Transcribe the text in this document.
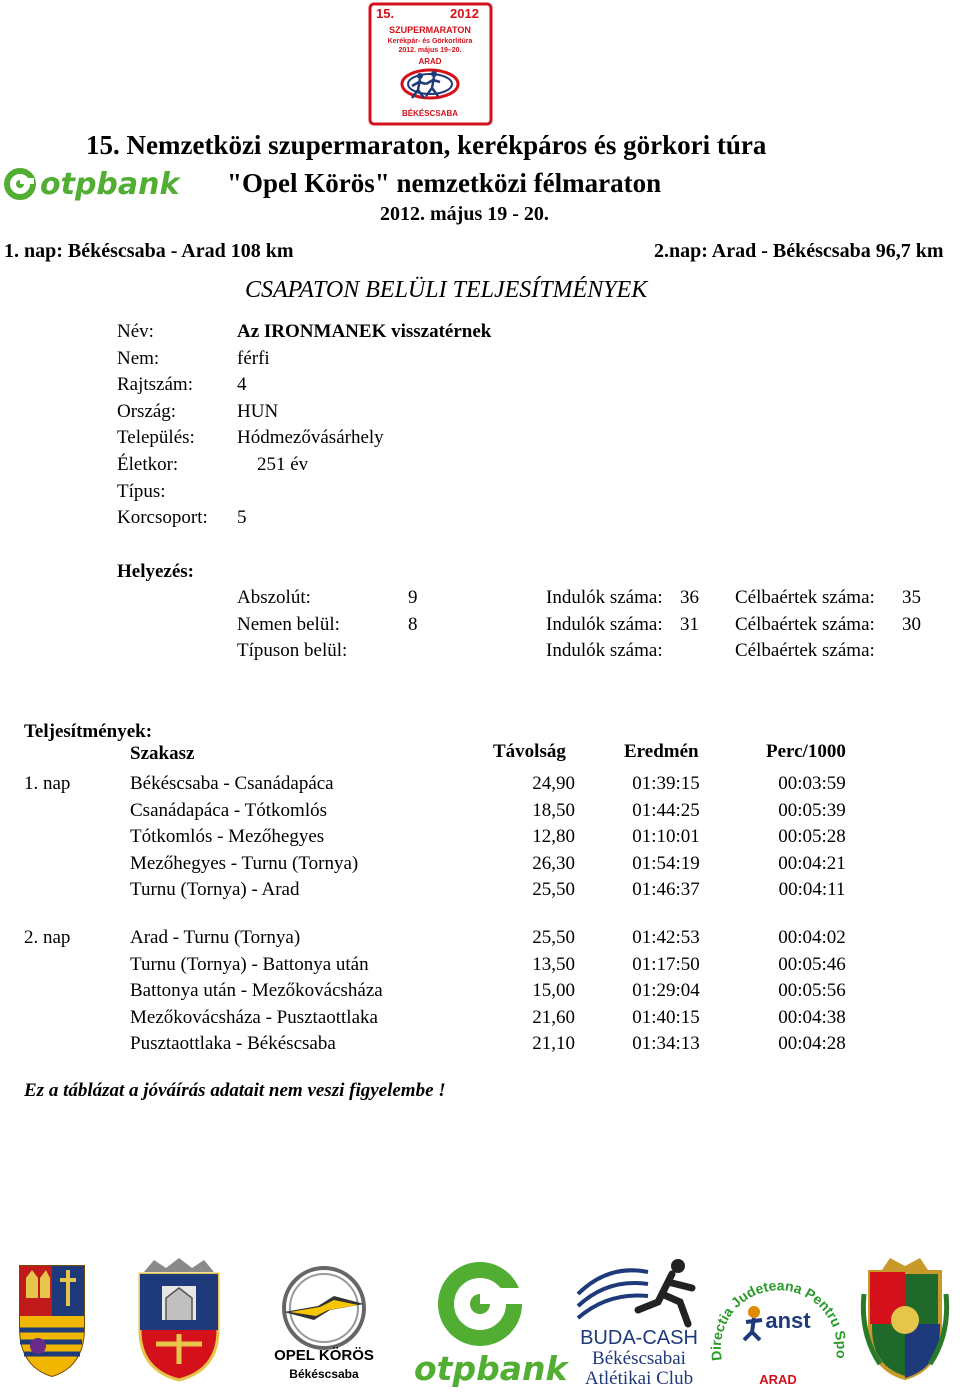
15.	2012
SZUPERMARATON
Kerékpár- és Görkorlitúra
2012. május 19–20.
ARAD
BÉKÉSCSABA
15. Nemzetközi szupermaraton, kerékpáros és görkori túra
"Opel Körös" nemzetközi félmaraton
2012. május 19 - 20.
otpbank
1. nap: Békéscsaba - Arad 108 km	2.nap: Arad - Békéscsaba 96,7 km
CSAPATON BELÜLI TELJESÍTMÉNYEK
Név:	Az IRONMANEK visszatérnek
Nem:	férfi
Rajtszám: 4
Ország:	HUN
Település: Hódmezővásárhely
Életkor:	251 év
Típus:
Korcsoport: 5
Helyezés:
Abszolút:	9	Indulók száma: 36 Célbaértek száma: 35
Nemen belül:	8	Indulók száma: 31 Célbaértek száma: 30
Típuson belül:	Indulók száma:	Célbaértek száma:
Teljesítmények:
Szakasz	Távolság	Eredmén	Perc/1000
1. nap	Békéscsaba - Csanádapáca	24,90	01:39:15	00:03:59
Csanádapáca - Tótkomlós	18,50	01:44:25	00:05:39
Tótkomlós - Mezőhegyes	12,80	01:10:01	00:05:28
Mezőhegyes - Turnu (Tornya)	26,30	01:54:19	00:04:21
Turnu (Tornya) - Arad	25,50	01:46:37	00:04:11
2. nap	Arad - Turnu (Tornya)	25,50	01:42:53	00:04:02
Turnu (Tornya) - Battonya után	13,50	01:17:50	00:05:46
Battonya után - Mezőkovácsháza	15,00	01:29:04	00:05:56
Mezőkovácsháza - Pusztaottlaka	21,60	01:40:15	00:04:38
Pusztaottlaka - Békéscsaba	21,10	01:34:13	00:04:28
Ez a táblázat a jóváírás adatait nem veszi figyelembe !
OPEL KÖRÖS
Békéscsaba otpbank
BUDA-CASH
Békéscsabai
Atlétikai Club
Directia Judeteana Pentru S
anst
ARAD
